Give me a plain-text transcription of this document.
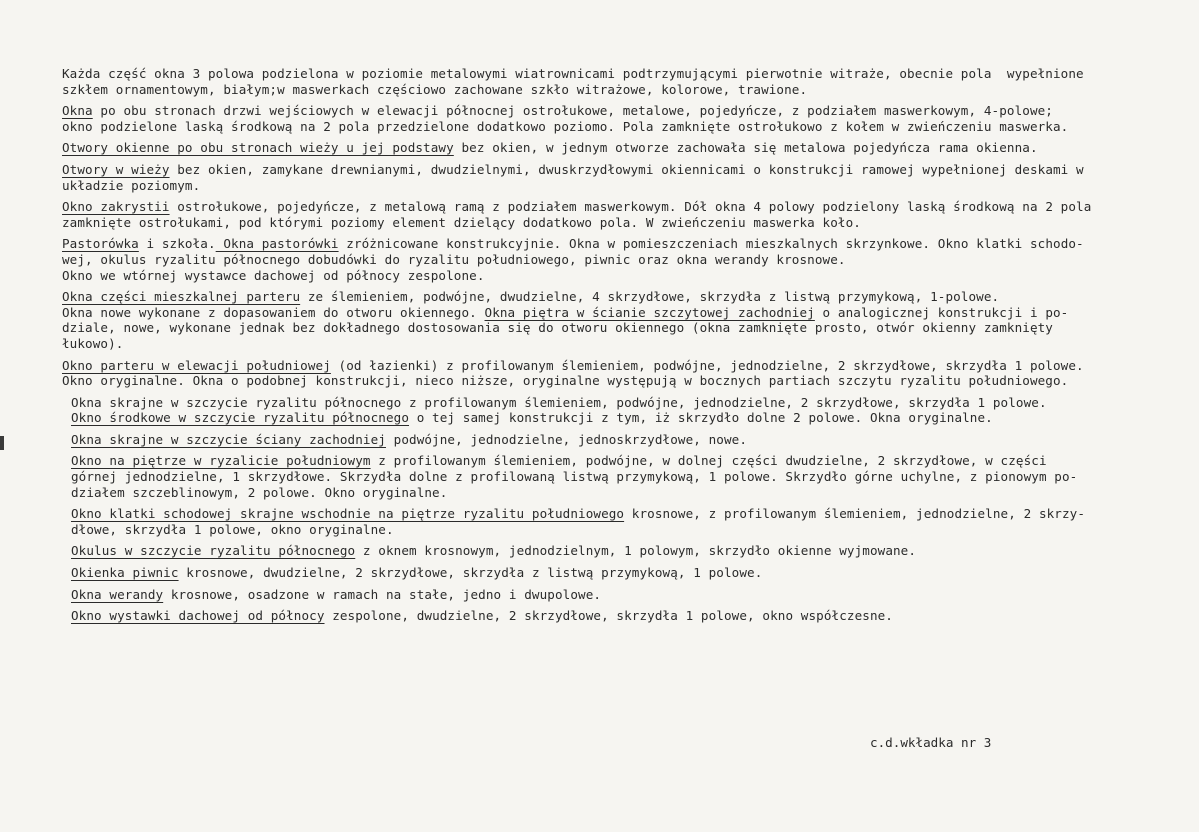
Każda część okna 3 polowa podzielona w poziomie metalowymi wiatrownicami podtrzymującymi pierwotnie witraże, obecnie pola  wypełnione
szkłem ornamentowym, białym;w maswerkach częściowo zachowane szkło witrażowe, kolorowe, trawione.
Okna po obu stronach drzwi wejściowych w elewacji północnej ostrołukowe, metalowe, pojedyńcze, z podziałem maswerkowym, 4-polowe;
okno podzielone laską środkową na 2 pola przedzielone dodatkowo poziomo. Pola zamknięte ostrołukowo z kołem w zwieńczeniu maswerka.
Otwory okienne po obu stronach wieży u jej podstawy bez okien, w jednym otworze zachowała się metalowa pojedyńcza rama okienna.
Otwory w wieży bez okien, zamykane drewnianymi, dwudzielnymi, dwuskrzydłowymi okiennicami o konstrukcji ramowej wypełnionej deskami w
układzie poziomym.
Okno zakrystii ostrołukowe, pojedyńcze, z metalową ramą z podziałem maswerkowym. Dół okna 4 polowy podzielony laską środkową na 2 pola
zamknięte ostrołukami, pod którymi poziomy element dzielący dodatkowo pola. W zwieńczeniu maswerka koło.
Pastorówka i szkoła. Okna pastorówki zróżnicowane konstrukcyjnie. Okna w pomieszczeniach mieszkalnych skrzynkowe. Okno klatki schodo-
wej, okulus ryzalitu północnego dobudówki do ryzalitu południowego, piwnic oraz okna werandy krosnowe.
Okno we wtórnej wystawce dachowej od północy zespolone.
Okna części mieszkalnej parteru ze ślemieniem, podwójne, dwudzielne, 4 skrzydłowe, skrzydła z listwą przymykową, 1-polowe.
Okna nowe wykonane z dopasowaniem do otworu okiennego. Okna piętra w ścianie szczytowej zachodniej o analogicznej konstrukcji i po-
dziale, nowe, wykonane jednak bez dokładnego dostosowania się do otworu okiennego (okna zamknięte prosto, otwór okienny zamknięty
łukowo).
Okno parteru w elewacji południowej (od łazienki) z profilowanym ślemieniem, podwójne, jednodzielne, 2 skrzydłowe, skrzydła 1 polowe.
Okno oryginalne. Okna o podobnej konstrukcji, nieco niższe, oryginalne występują w bocznych partiach szczytu ryzalitu południowego.
Okna skrajne w szczycie ryzalitu północnego z profilowanym ślemieniem, podwójne, jednodzielne, 2 skrzydłowe, skrzydła 1 polowe.
Okno środkowe w szczycie ryzalitu północnego o tej samej konstrukcji z tym, iż skrzydło dolne 2 polowe. Okna oryginalne.
Okna skrajne w szczycie ściany zachodniej podwójne, jednodzielne, jednoskrzydłowe, nowe.
Okno na piętrze w ryzalicie południowym z profilowanym ślemieniem, podwójne, w dolnej części dwudzielne, 2 skrzydłowe, w części
górnej jednodzielne, 1 skrzydłowe. Skrzydła dolne z profilowaną listwą przymykową, 1 polowe. Skrzydło górne uchylne, z pionowym po-
działem szczeblinowym, 2 polowe. Okno oryginalne.
Okno klatki schodowej skrajne wschodnie na piętrze ryzalitu południowego krosnowe, z profilowanym ślemieniem, jednodzielne, 2 skrzy-
dłowe, skrzydła 1 polowe, okno oryginalne.
Okulus w szczycie ryzalitu północnego z oknem krosnowym, jednodzielnym, 1 polowym, skrzydło okienne wyjmowane.
Okienka piwnic krosnowe, dwudzielne, 2 skrzydłowe, skrzydła z listwą przymykową, 1 polowe.
Okna werandy krosnowe, osadzone w ramach na stałe, jedno i dwupolowe.
Okno wystawki dachowej od północy zespolone, dwudzielne, 2 skrzydłowe, skrzydła 1 polowe, okno współczesne.
c.d.wkładka nr 3
